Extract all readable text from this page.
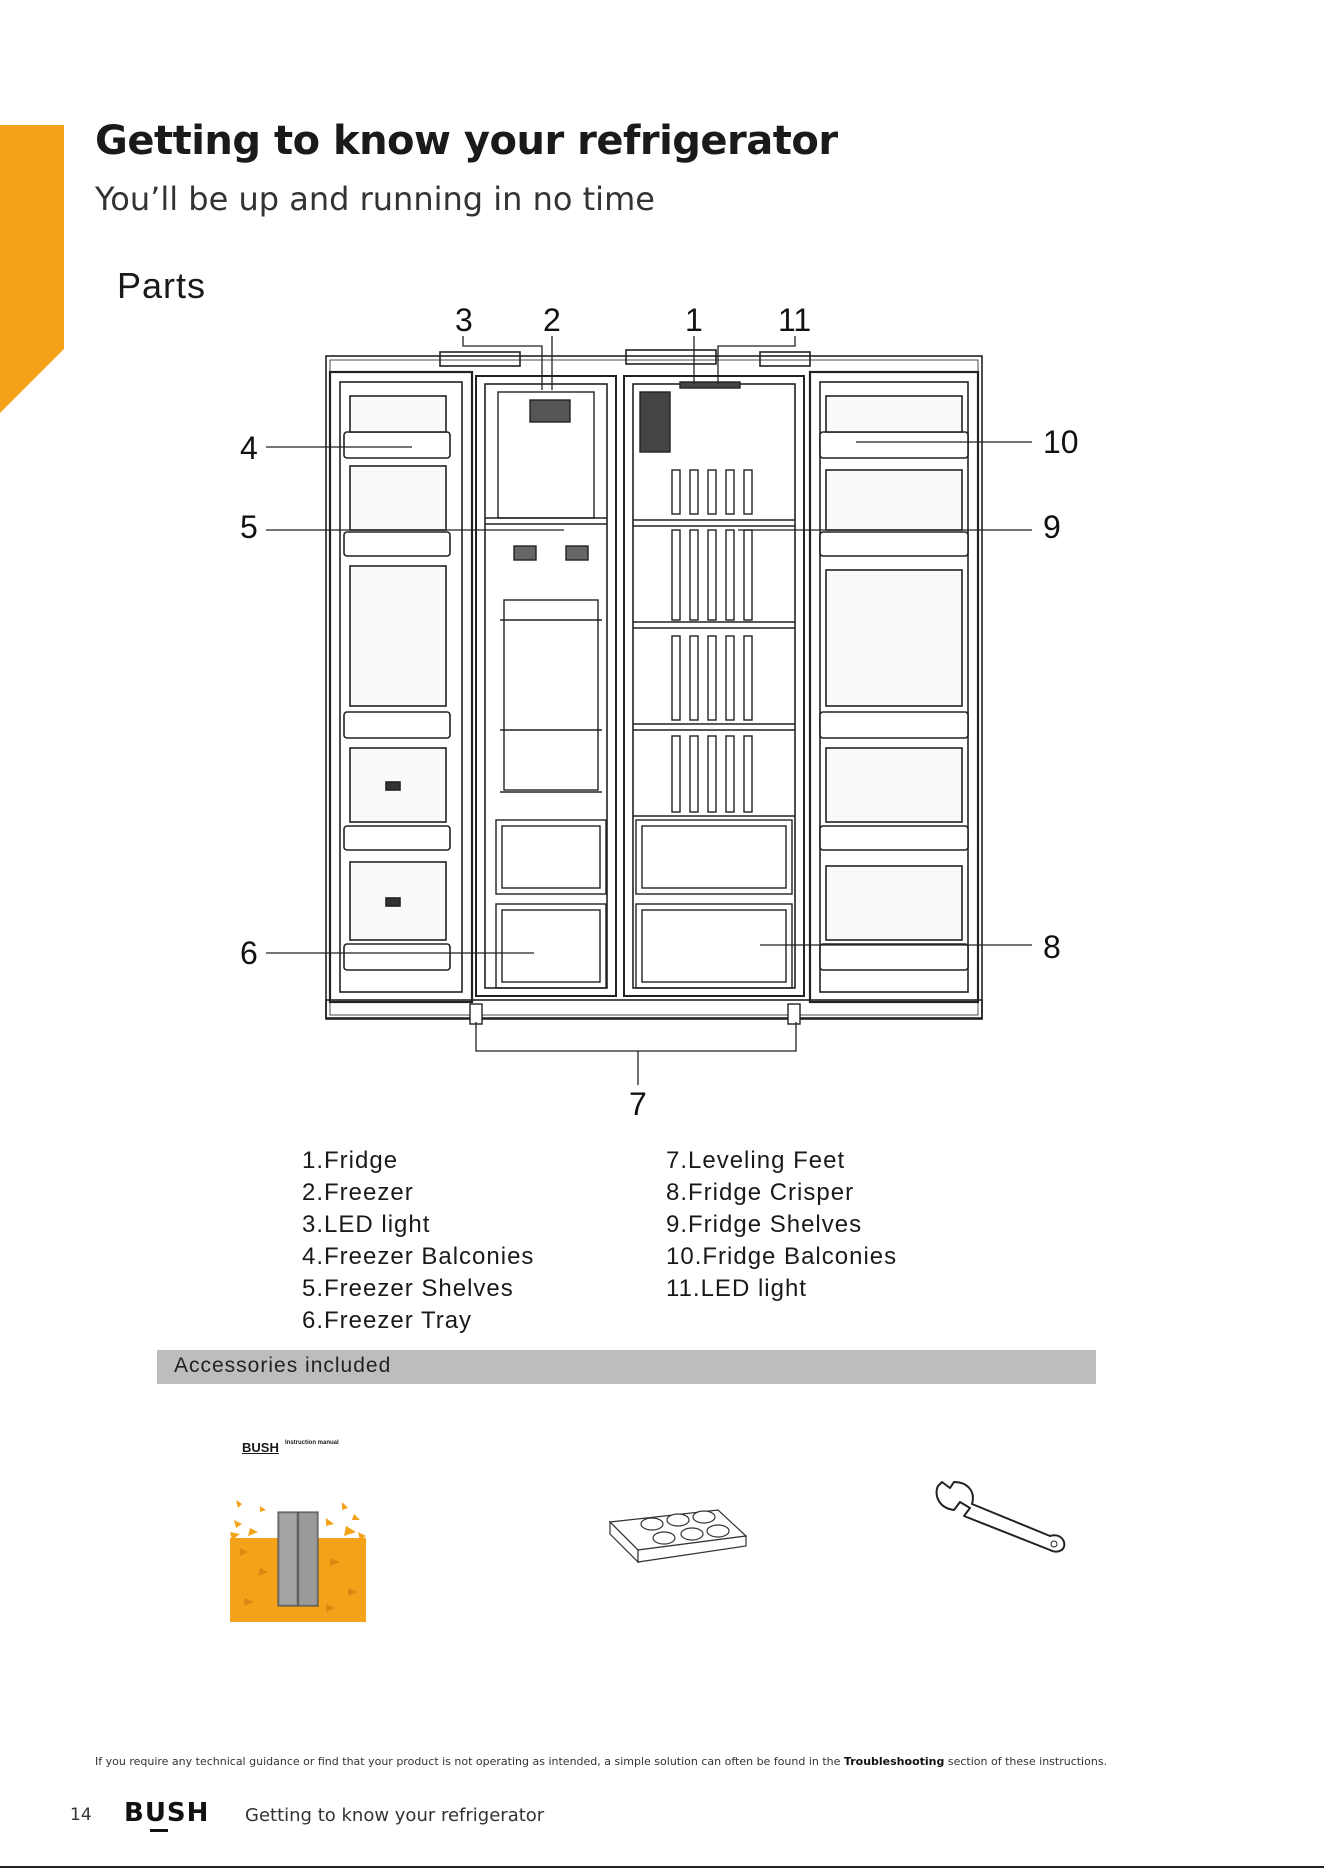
Getting to know your refrigerator

You’ll be up and running in no time

Parts
3 2	1 11
4
5
6
7
10
9
8
1.Fridge
2.Freezer
3.LED light
4.Freezer Balconies
5.Freezer Shelves
6.Freezer Tray
7.Leveling Feet
8.Fridge Crisper
9.Fridge Shelves
10.Fridge Balconies
11.LED light
Accessories included
BUSH Instruction manual
If you require any technical guidance or find that your product is not operating as intended, a simple solution can often be found in the Troubleshooting section of these instructions.
14 BUSH Getting to know your refrigerator
